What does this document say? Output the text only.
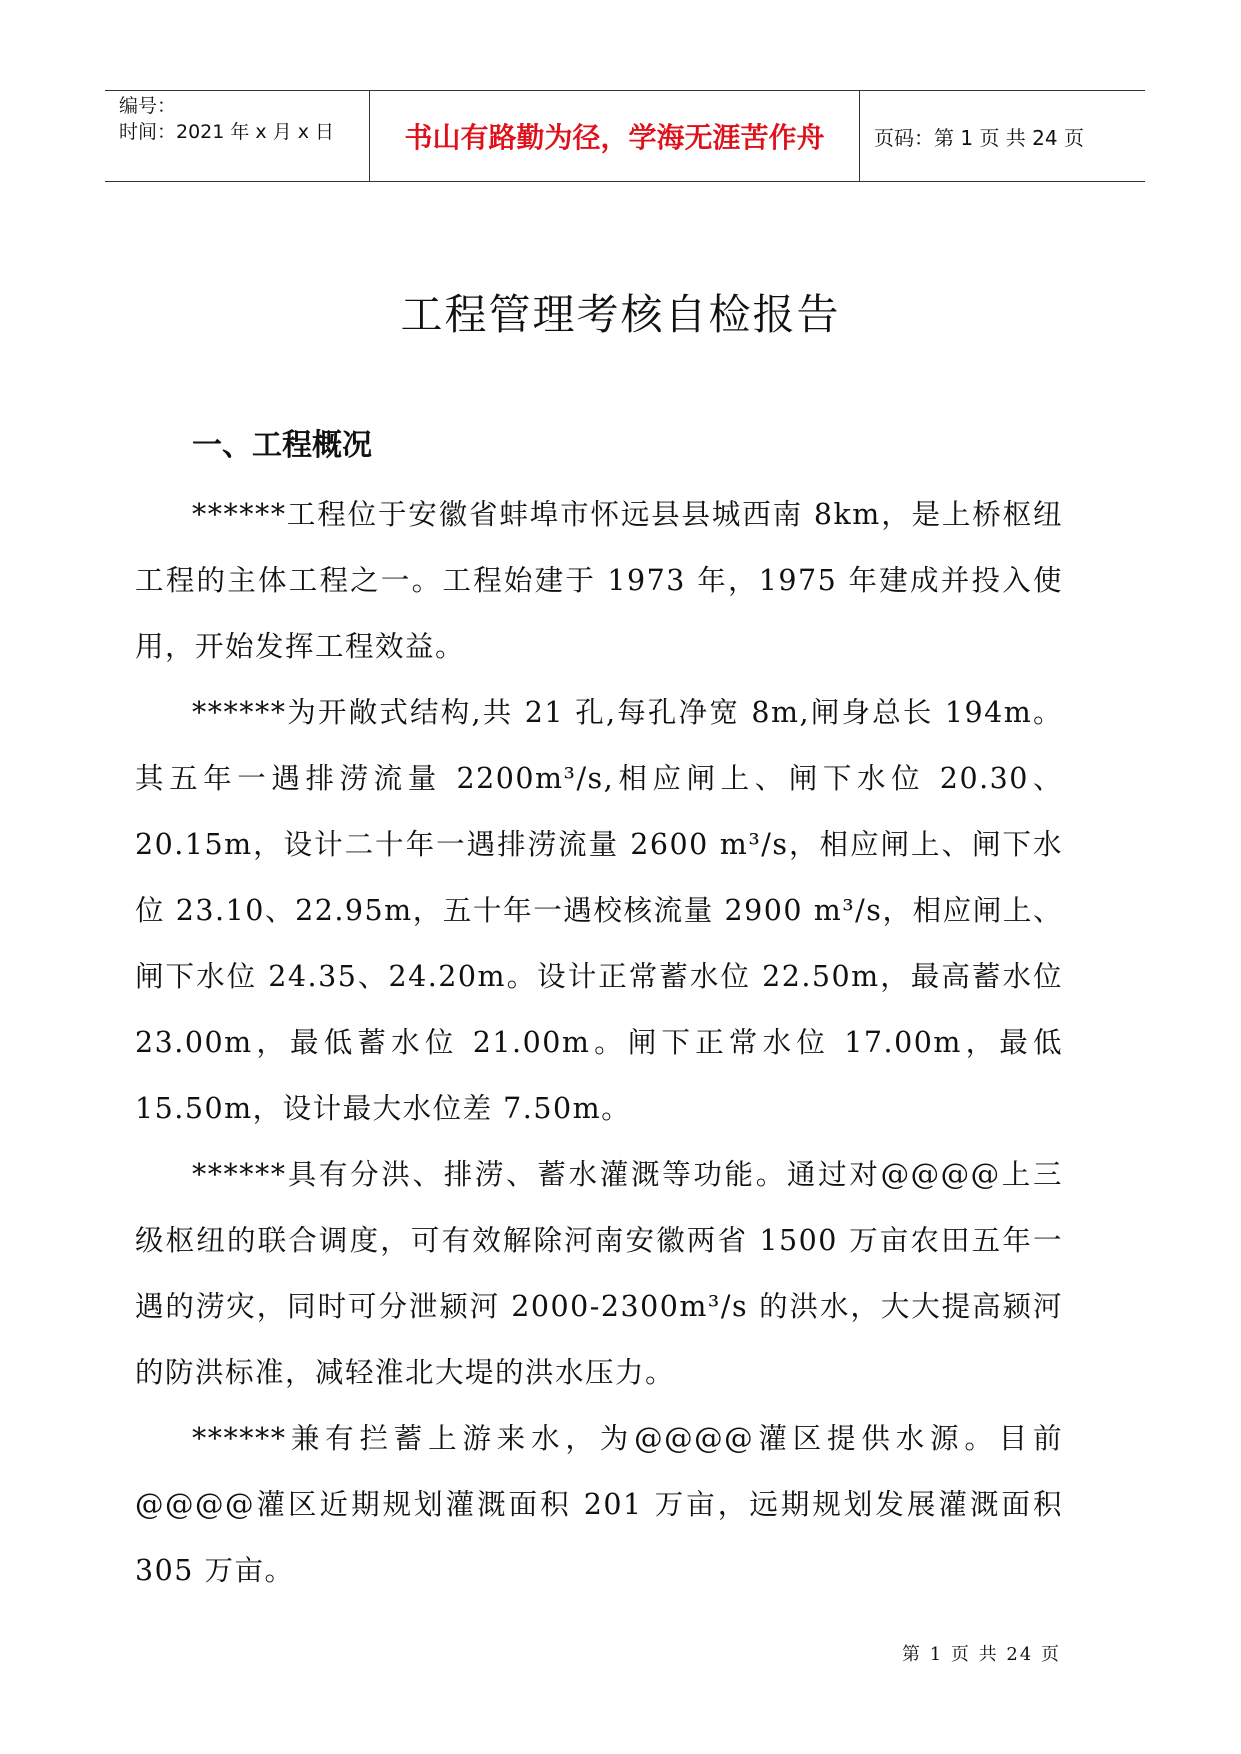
编号：
时间：2021 年 x 月 x 日	书山有路勤为径，学海无涯苦作舟	页码：第 1 页 共 24 页
工程管理考核自检报告
一、工程概况

******工程位于安徽省蚌埠市怀远县县城西南 8km，是上桥枢纽工程的主体工程之一。工程始建于 1973 年，1975 年建成并投入使用，开始发挥工程效益。

******为开敞式结构,共 21 孔,每孔净宽 8m,闸身总长 194m。其五年一遇排涝流量 2200m³/s,相应闸上、闸下水位 20.30、20.15m，设计二十年一遇排涝流量 2600 m³/s，相应闸上、闸下水位 23.10、22.95m，五十年一遇校核流量 2900 m³/s，相应闸上、闸下水位 24.35、24.20m。设计正常蓄水位 22.50m，最高蓄水位 23.00m，最低蓄水位 21.00m。闸下正常水位 17.00m，最低 15.50m，设计最大水位差 7.50m。

******具有分洪、排涝、蓄水灌溉等功能。通过对@@@@上三级枢纽的联合调度，可有效解除河南安徽两省 1500 万亩农田五年一遇的涝灾，同时可分泄颍河 2000-2300m³/s 的洪水，大大提高颍河的防洪标准，减轻淮北大堤的洪水压力。

******兼有拦蓄上游来水，为@@@@灌区提供水源。目前@@@@灌区近期规划灌溉面积 201 万亩，远期规划发展灌溉面积 305 万亩。

第 1 页 共 24 页
